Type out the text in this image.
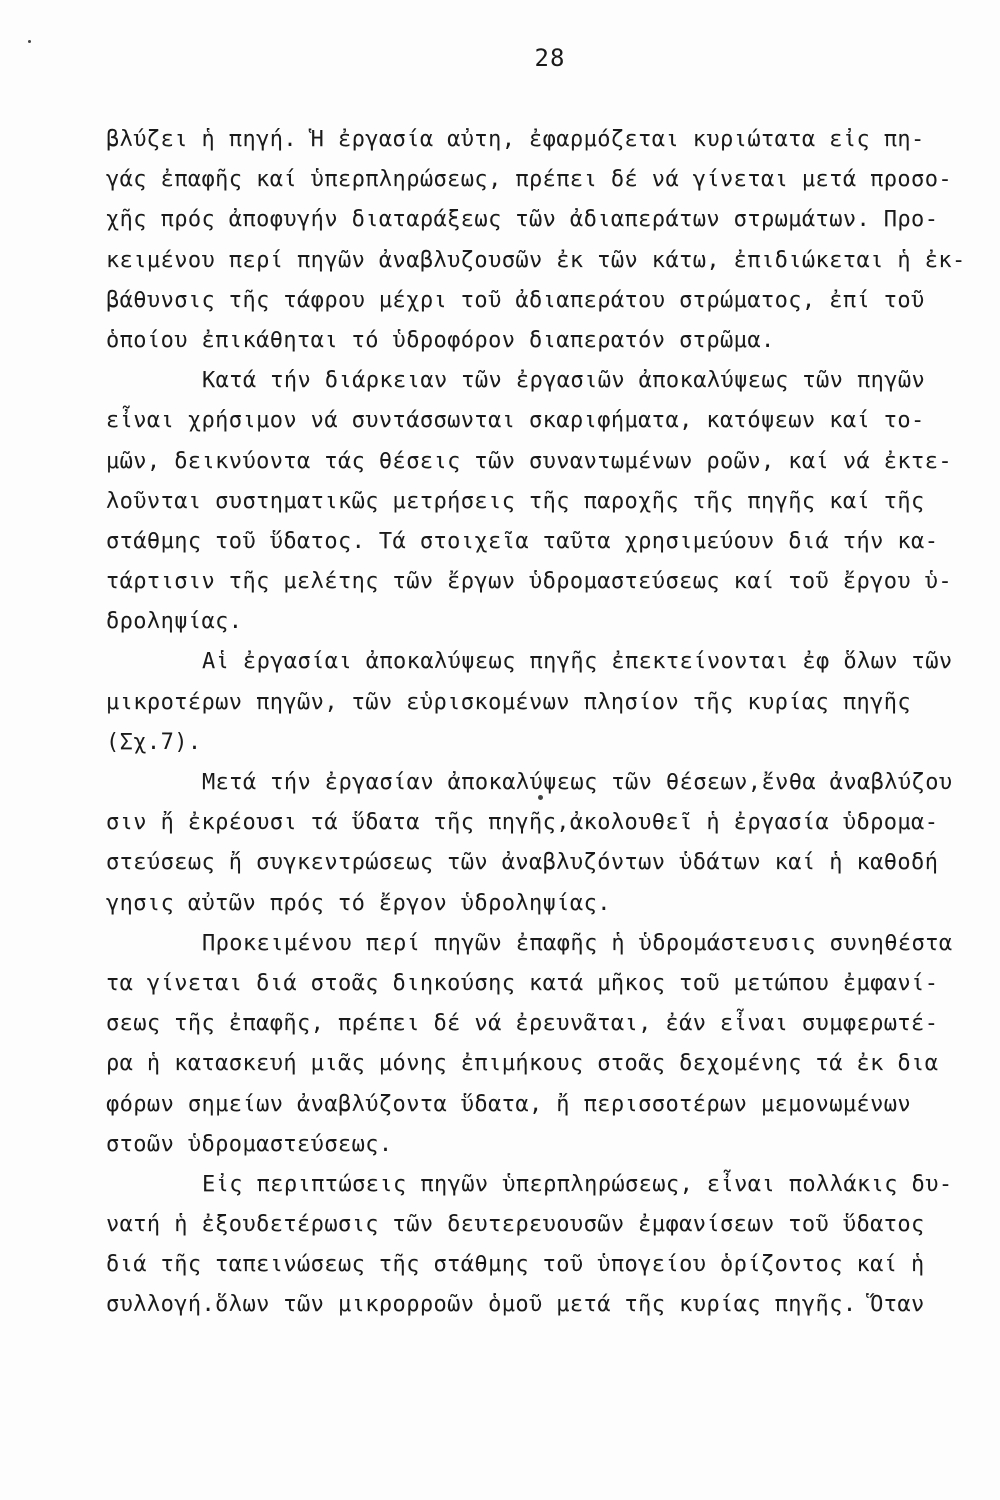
28
βλύζει ἡ πηγή. Ἡ ἐργασία αὐτη, ἐφαρμόζεται κυριώτατα εἰς πη-
γάς ἐπαφῆς καί ὑπερπληρώσεως, πρέπει δέ νά γίνεται μετά προσο-
χῆς πρός ἀποφυγήν διαταράξεως τῶν ἀδιαπεράτων στρωμάτων. Προ-
κειμένου περί πηγῶν ἀναβλυζουσῶν ἐκ τῶν κάτω, ἐπιδιώκεται ἡ ἐκ-
βάθυνσις τῆς τάφρου μέχρι τοῦ ἀδιαπεράτου στρώματος, ἐπί τοῦ
ὁποίου ἐπικάθηται τό ὑδροφόρον διαπερατόν στρῶμα.
Κατά τήν διάρκειαν τῶν ἐργασιῶν ἀποκαλύψεως τῶν πηγῶν
εἶναι χρήσιμον νά συντάσσωνται σκαριφήματα, κατόψεων καί το-
μῶν, δεικνύοντα τάς θέσεις τῶν συναντωμένων ροῶν, καί νά ἐκτε-
λοῦνται συστηματικῶς μετρήσεις τῆς παροχῆς τῆς πηγῆς καί τῆς
στάθμης τοῦ ὕδατος. Τά στοιχεῖα ταῦτα χρησιμεύουν διά τήν κα-
τάρτισιν τῆς μελέτης τῶν ἔργων ὑδρομαστεύσεως καί τοῦ ἔργου ὑ-
δροληψίας.
Αἱ ἐργασίαι ἀποκαλύψεως πηγῆς ἐπεκτείνονται ἐφ ὅλων τῶν
μικροτέρων πηγῶν, τῶν εὑρισκομένων πλησίον τῆς κυρίας πηγῆς
(Σχ.7).
Μετά τήν ἐργασίαν ἀποκαλύψεως τῶν θέσεων,ἔνθα ἀναβλύζου
σιν ἤ ἐκρέουσι τά ὕδατα τῆς πηγῆς,ἀκολουθεῖ ἡ ἐργασία ὑδρομα-
στεύσεως ἤ συγκεντρώσεως τῶν ἀναβλυζόντων ὑδάτων καί ἡ καθοδή
γησις αὐτῶν πρός τό ἔργον ὑδροληψίας.
Προκειμένου περί πηγῶν ἐπαφῆς ἡ ὑδρομάστευσις συνηθέστα
τα γίνεται διά στοᾶς διηκούσης κατά μῆκος τοῦ μετώπου ἐμφανί-
σεως τῆς ἐπαφῆς, πρέπει δέ νά ἐρευνᾶται, ἐάν εἶναι συμφερωτέ-
ρα ἡ κατασκευή μιᾶς μόνης ἐπιμήκους στοᾶς δεχομένης τά ἐκ δια
φόρων σημείων ἀναβλύζοντα ὕδατα, ἤ περισσοτέρων μεμονωμένων
στοῶν ὑδρομαστεύσεως.
Εἰς περιπτώσεις πηγῶν ὑπερπληρώσεως, εἶναι πολλάκις δυ-
νατή ἡ ἐξουδετέρωσις τῶν δευτερευουσῶν ἐμφανίσεων τοῦ ὕδατος
διά τῆς ταπεινώσεως τῆς στάθμης τοῦ ὑπογείου ὁρίζοντος καί ἡ
συλλογή.ὅλων τῶν μικρορροῶν ὁμοῦ μετά τῆς κυρίας πηγῆς. Ὅταν
